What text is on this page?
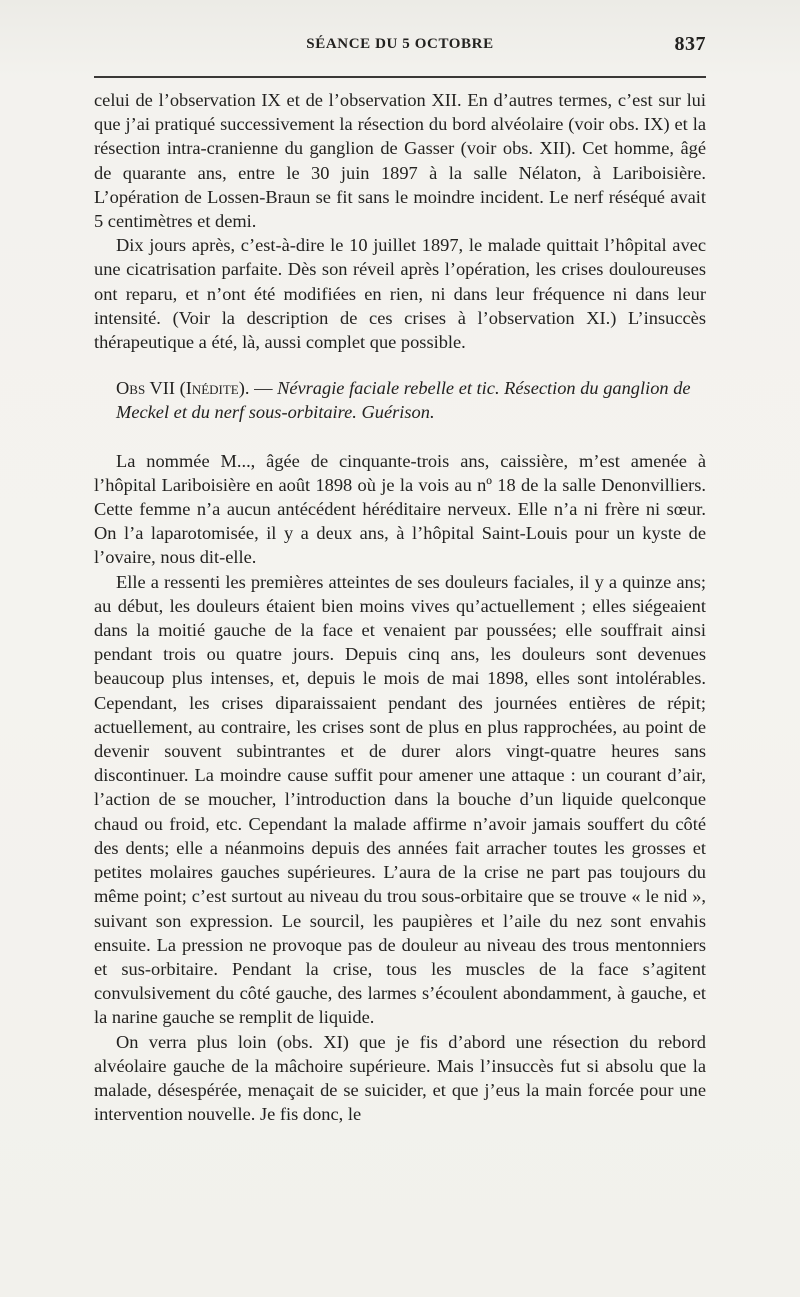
SÉANCE DU 5 OCTOBRE	837

celui de l’observation IX et de l’observation XII. En d’autres termes, c’est sur lui que j’ai pratiqué successivement la résection du bord alvéolaire (voir obs. IX) et la résection intra-cranienne du ganglion de Gasser (voir obs. XII). Cet homme, âgé de quarante ans, entre le 30 juin 1897 à la salle Nélaton, à Lariboisière. L’opération de Lossen-Braun se fit sans le moindre incident. Le nerf réséqué avait 5 centimètres et demi.

Dix jours après, c’est-à-dire le 10 juillet 1897, le malade quittait l’hôpital avec une cicatrisation parfaite. Dès son réveil après l’opération, les crises douloureuses ont reparu, et n’ont été modifiées en rien, ni dans leur fréquence ni dans leur intensité. (Voir la description de ces crises à l’observation XI.) L’insuccès thérapeutique a été, là, aussi complet que possible.

Obs VII (Inédite). — Névragie faciale rebelle et tic. Résection du ganglion de Meckel et du nerf sous-orbitaire. Guérison.

La nommée M..., âgée de cinquante-trois ans, caissière, m’est amenée à l’hôpital Lariboisière en août 1898 où je la vois au nº 18 de la salle Denonvilliers. Cette femme n’a aucun antécédent héréditaire nerveux. Elle n’a ni frère ni sœur. On l’a laparotomisée, il y a deux ans, à l’hôpital Saint-Louis pour un kyste de l’ovaire, nous dit-elle.

Elle a ressenti les premières atteintes de ses douleurs faciales, il y a quinze ans; au début, les douleurs étaient bien moins vives qu’actuellement ; elles siégeaient dans la moitié gauche de la face et venaient par poussées; elle souffrait ainsi pendant trois ou quatre jours. Depuis cinq ans, les douleurs sont devenues beaucoup plus intenses, et, depuis le mois de mai 1898, elles sont intolérables. Cependant, les crises diparaissaient pendant des journées entières de répit; actuellement, au contraire, les crises sont de plus en plus rapprochées, au point de devenir souvent subintrantes et de durer alors vingt-quatre heures sans discontinuer. La moindre cause suffit pour amener une attaque : un courant d’air, l’action de se moucher, l’introduction dans la bouche d’un liquide quelconque chaud ou froid, etc. Cependant la malade affirme n’avoir jamais souffert du côté des dents; elle a néanmoins depuis des années fait arracher toutes les grosses et petites molaires gauches supérieures. L’aura de la crise ne part pas toujours du même point; c’est surtout au niveau du trou sous-orbitaire que se trouve « le nid », suivant son expression. Le sourcil, les paupières et l’aile du nez sont envahis ensuite. La pression ne provoque pas de douleur au niveau des trous mentonniers et sus-orbitaire. Pendant la crise, tous les muscles de la face s’agitent convulsivement du côté gauche, des larmes s’écoulent abondamment, à gauche, et la narine gauche se remplit de liquide.

On verra plus loin (obs. XI) que je fis d’abord une résection du rebord alvéolaire gauche de la mâchoire supérieure. Mais l’insuccès fut si absolu que la malade, désespérée, menaçait de se suicider, et que j’eus la main forcée pour une intervention nouvelle. Je fis donc, le
